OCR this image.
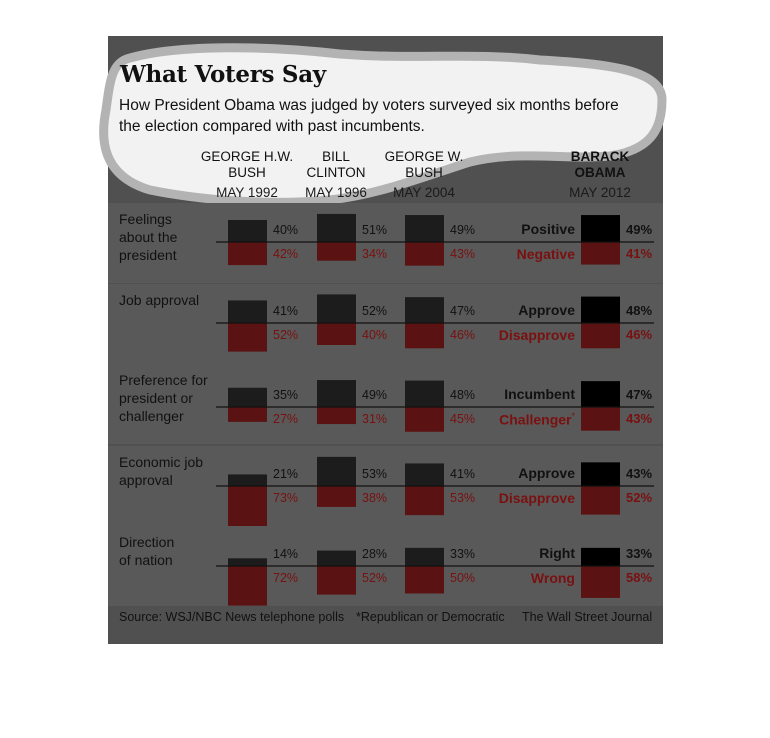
What Voters Say
How President Obama was judged by voters surveyed six months before the election compared with past incumbents.
GEORGE H.W.
BUSH
MAY 1992
BILL
CLINTON
MAY 1996
GEORGE W.
BUSH
MAY 2004
BARACK
OBAMA
MAY 2012
Feelings
about the
president
40%
42%
51%
34%
49%
43%
49%
41%
Positive
Negative
Job approval
41%
52%
52%
40%
47%
46%
48%
46%
Approve
Disapprove
Preference for
president or
challenger
35%
27%
49%
31%
48%
45%
47%
43%
Incumbent
Challenger*
Economic job
approval	21%
73%
53%
38%
41%
53%
43%
52%
Approve
Disapprove
Direction
of nation	14%
72%
28%
52%
33%
50%
33%
58%
Right
Wrong
Source: WSJ/NBC News telephone polls *Republican or Democratic The Wall Street Journal
